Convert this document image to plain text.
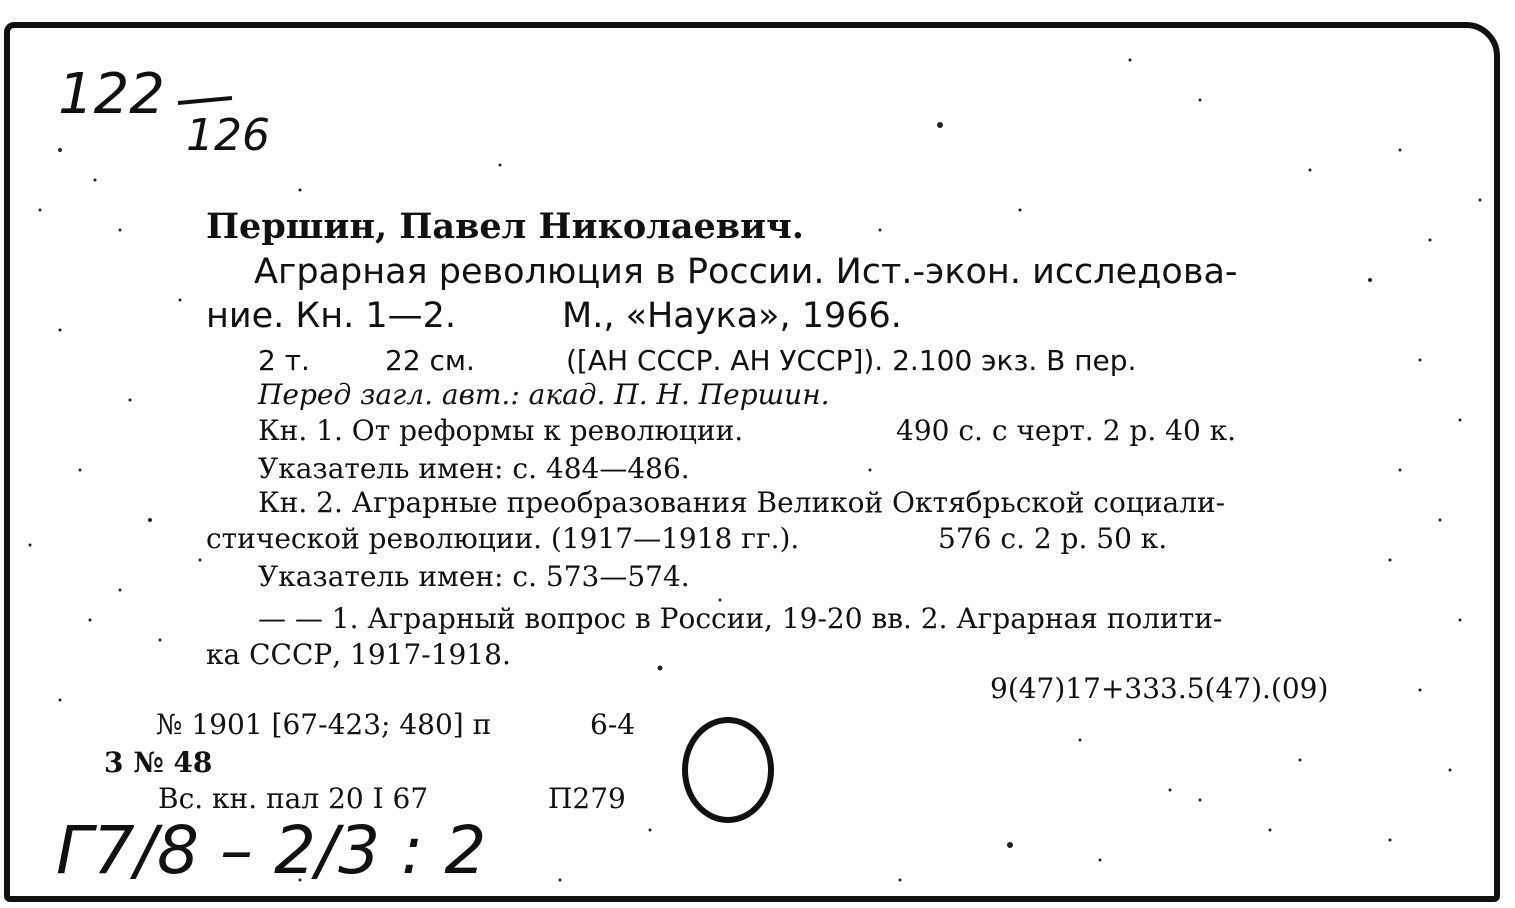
122
126
Першин, Павел Николаевич.
Аграрная революция в России. Ист.-экон. исследова-
ние. Кн. 1—2.	М., «Наука», 1966.
2 т.	22 см.	([АН СССР. АН УССР]). 2.100 экз. В пер.
Перед загл. авт.: акад. П. Н. Першин.
Кн. 1. От реформы к революции.	490 с. с черт. 2 р. 40 к.
Указатель имен: с. 484—486.
Кн. 2. Аграрные преобразования Великой Октябрьской социали-
стической революции. (1917—1918 гг.).	576 с. 2 р. 50 к.
Указатель имен: с. 573—574.
— — 1. Аграрный вопрос в России, 19-20 вв. 2. Аграрная полити-
ка СССР, 1917-1918.
9(47)17+333.5(47).(09)
№ 1901 [67-423; 480] п	6-4
3 № 48
Вс. кн. пал 20 I 67	П279
Г7/8 – 2/3 : 2
